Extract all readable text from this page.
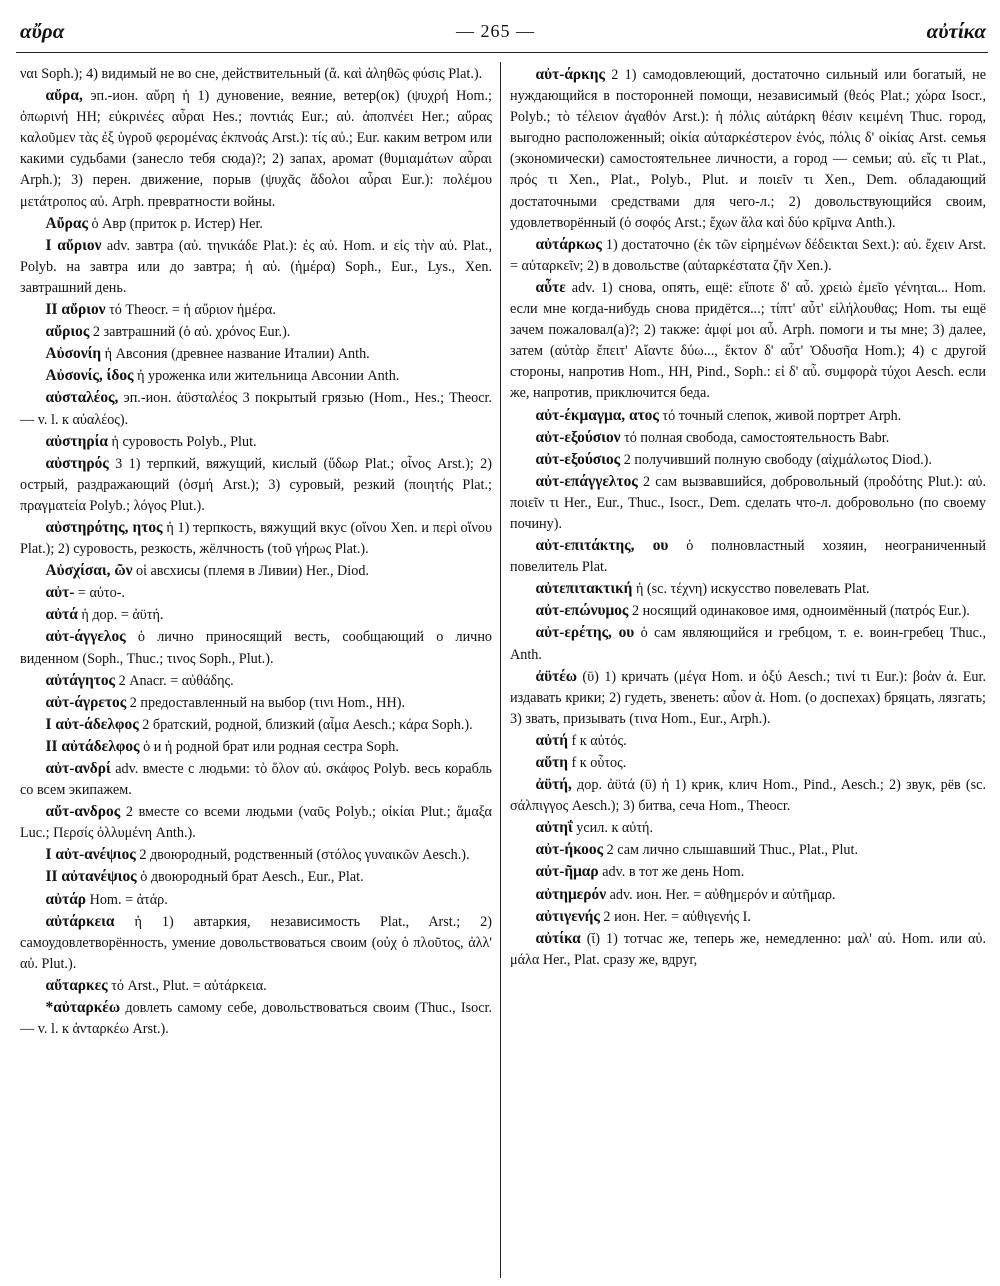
αὔρα	— 265 —	αὐτίκα

ναι Soph.); 4) видимый не во сне, действительный (ἄ. καὶ ἀληθῶς φύσις Plat.).

αὔρα, эп.-ион. αὔρη ἡ 1) дуновение, веяние, ветер(ок) (ψυχρή Hom.; ὀπωρινή HH; εὐκρινέες αὖραι Hes.; ποντιάς Eur.; αὐ. ἀποπνέει Her.; αὔρας καλοῦμεν τὰς ἐξ ὑγροῦ φερομένας ἐκπνοάς Arst.): τίς αὐ.; Eur. каким ветром или какими судьбами (занесло тебя сюда)?; 2) запах, аромат (θυμιαμάτων αὖραι Arph.); 3) перен. движение, порыв (ψυχᾶς ἄδολοι αὖραι Eur.): πολέμου μετάτροπος αὐ. Arph. превратности войны.

Αὔρας ὁ Авр (приток р. Истер) Her.

I αὔριον adv. завтра (αὐ. τηνικάδε Plat.): ἐς αὐ. Hom. и εἰς τὴν αὐ. Plat., Polyb. на завтра или до завтра; ἡ αὐ. (ἡμέρα) Soph., Eur., Lys., Xen. завтрашний день.

II αὔριον τό Theocr. = ἡ αὔριον ἡμέρα.

αὔριος 2 завтрашний (ὁ αὐ. χρόνος Eur.).

Αὐσονίη ἡ Авсония (древнее название Италии) Anth.

Αὐσονίς, ίδος ἡ уроженка или жительница Авсонии Anth.

αὐσταλέος, эп.-ион. ἀϋσταλέος 3 покрытый грязью (Hom., Hes.; Theocr. — v. l. к αὐαλέος).

αὐστηρία ἡ суровость Polyb., Plut.

αὐστηρός 3 1) терпкий, вяжущий, кислый (ὕδωρ Plat.; οἶνος Arst.); 2) острый, раздражающий (ὀσμή Arst.); 3) суровый, резкий (ποιητής Plat.; πραγματεία Polyb.; λόγος Plut.).

αὐστηρότης, ητος ἡ 1) терпкость, вяжущий вкус (οἴνου Xen. и περὶ οἴνου Plat.); 2) суровость, резкость, жёлчность (τοῦ γήρως Plat.).

Αὐσχίσαι, ῶν οἱ авсхисы (племя в Ливии) Her., Diod.

αὐτ- = αὐτο-.

αὐτά ἡ дор. = ἀϋτή.

αὐτ-άγγελος ὁ лично приносящий весть, сообщающий о лично виденном (Soph., Thuc.; τινος Soph., Plut.).

αὐτάγητος 2 Anacr. = αὐθάδης.

αὐτ-άγρετος 2 предоставленный на выбор (τινι Hom., HH).

I αὐτ-άδελφος 2 братский, родной, близкий (αἷμα Aesch.; κάρα Soph.).

II αὐτάδελφος ὁ и ἡ родной брат или родная сестра Soph.

αὐτ-ανδρί adv. вместе с людьми: τὸ ὅλον αὐ. σκάφος Polyb. весь корабль со всем экипажем.

αὔτ-ανδρος 2 вместе со всеми людьми (ναῦς Polyb.; οἰκίαι Plut.; ἅμαξα Luc.; Περσίς ὀλλυμένη Anth.).

I αὐτ-ανέψιος 2 двоюродный, родственный (στόλος γυναικῶν Aesch.).

II αὐτανέψιος ὁ двоюродный брат Aesch., Eur., Plat.

αὐτάρ Hom. = ἀτάρ.

αὐτάρκεια ἡ 1) автаркия, независимость Plat., Arst.; 2) самоудовлетворённость, умение довольствоваться своим (οὐχ ὁ πλοῦτος, ἀλλ' αὐ. Plut.).

αὔταρκες τό Arst., Plut. = αὐτάρκεια.

*αὐταρκέω довлеть самому себе, довольствоваться своим (Thuc., Isocr. — v. l. к ἀνταρκέω Arst.).

αὐτ-άρκης 2 1) самодовлеющий, достаточно сильный или богатый, не нуждающийся в посторонней помощи, независимый (θεός Plat.; χώρα Isocr., Polyb.; τὸ τέλειον ἀγαθόν Arst.): ἡ πόλις αὐτάρκη θέσιν κειμένη Thuc. город, выгодно расположенный; οἰκία αὐταρκέστερον ἑνός, πόλις δ' οἰκίας Arst. семья (экономически) самостоятельнее личности, а город — семьи; αὐ. εἴς τι Plat., πρός τι Xen., Plat., Polyb., Plut. и ποιεῖν τι Xen., Dem. обладающий достаточными средствами для чего-л.; 2) довольствующийся своим, удовлетворённый (ὁ σοφός Arst.; ἔχων ἅλα καὶ δύο κρῖμνα Anth.).

αὐτάρκως 1) достаточно (ἐκ τῶν εἰρημένων δέδεικται Sext.): αὐ. ἔχειν Arst. = αὐταρκεῖν; 2) в довольстве (αὐταρκέστατα ζῆν Xen.).

αὖτε adv. 1) снова, опять, ещё: εἴποτε δ' αὖ. χρειὼ ἐμεῖο γένηται... Hom. если мне когда-нибудь снова придётся...; τίπτ' αὖτ' εἰλήλουθας; Hom. ты ещё зачем пожаловал(а)?; 2) также: ἀμφί μοι αὖ. Arph. помоги и ты мне; 3) далее, затем (αὐτὰρ ἔπειτ' Αἴαντε δύω..., ἕκτον δ' αὖτ' Ὀδυσῆα Hom.); 4) с другой стороны, напротив Hom., HH, Pind., Soph.: εἰ δ' αὖ. συμφορὰ τύχοι Aesch. если же, напротив, приключится беда.

αὐτ-έκμαγμα, ατος τό точный слепок, живой портрет Arph.

αὐτ-εξούσιον τό полная свобода, самостоятельность Babr.

αὐτ-εξούσιος 2 получивший полную свободу (αἰχμάλωτος Diod.).

αὐτ-επάγγελτος 2 сам вызвавшийся, добровольный (προδότης Plut.): αὐ. ποιεῖν τι Her., Eur., Thuc., Isocr., Dem. сделать что-л. добровольно (по своему почину).

αὐτ-επιτάκτης, ου ὁ полновластный хозяин, неограниченный повелитель Plat.

αὐτεπιτακτική ἡ (sc. τέχνη) искусство повелевать Plat.

αὐτ-επώνυμος 2 носящий одинаковое имя, одноимённый (πατρός Eur.).

αὐτ-ερέτης, ου ὁ сам являющийся и гребцом, т. е. воин-гребец Thuc., Anth.

ἀϋτέω (ῡ) 1) кричать (μέγα Hom. и ὀξύ Aesch.; τινί τι Eur.): βοὰν ἀ. Eur. издавать крики; 2) гудеть, звенеть: αὖον ἀ. Hom. (о доспехах) бряцать, лязгать; 3) звать, призывать (τινα Hom., Eur., Arph.).

αὐτή f к αὐτός.

αὕτη f к οὗτος.

ἀϋτή, дор. ἀϋτά (ῡ) ἡ 1) крик, клич Hom., Pind., Aesch.; 2) звук, рёв (sc. σάλπιγγος Aesch.); 3) битва, сеча Hom., Theocr.

αὐτηΐ усил. к αὐτή.

αὐτ-ήκοος 2 сам лично слышавший Thuc., Plat., Plut.

αὐτ-ῆμαρ adv. в тот же день Hom.

αὐτημερόν adv. ион. Her. = αὐθημερόν и αὐτῆμαρ.

αὐτιγενής 2 ион. Her. = αὐθιγενής I.

αὐτίκα (ῐ) 1) тотчас же, теперь же, немедленно: μαλ' αὐ. Hom. или αὐ. μάλα Her., Plat. сразу же, вдруг,
